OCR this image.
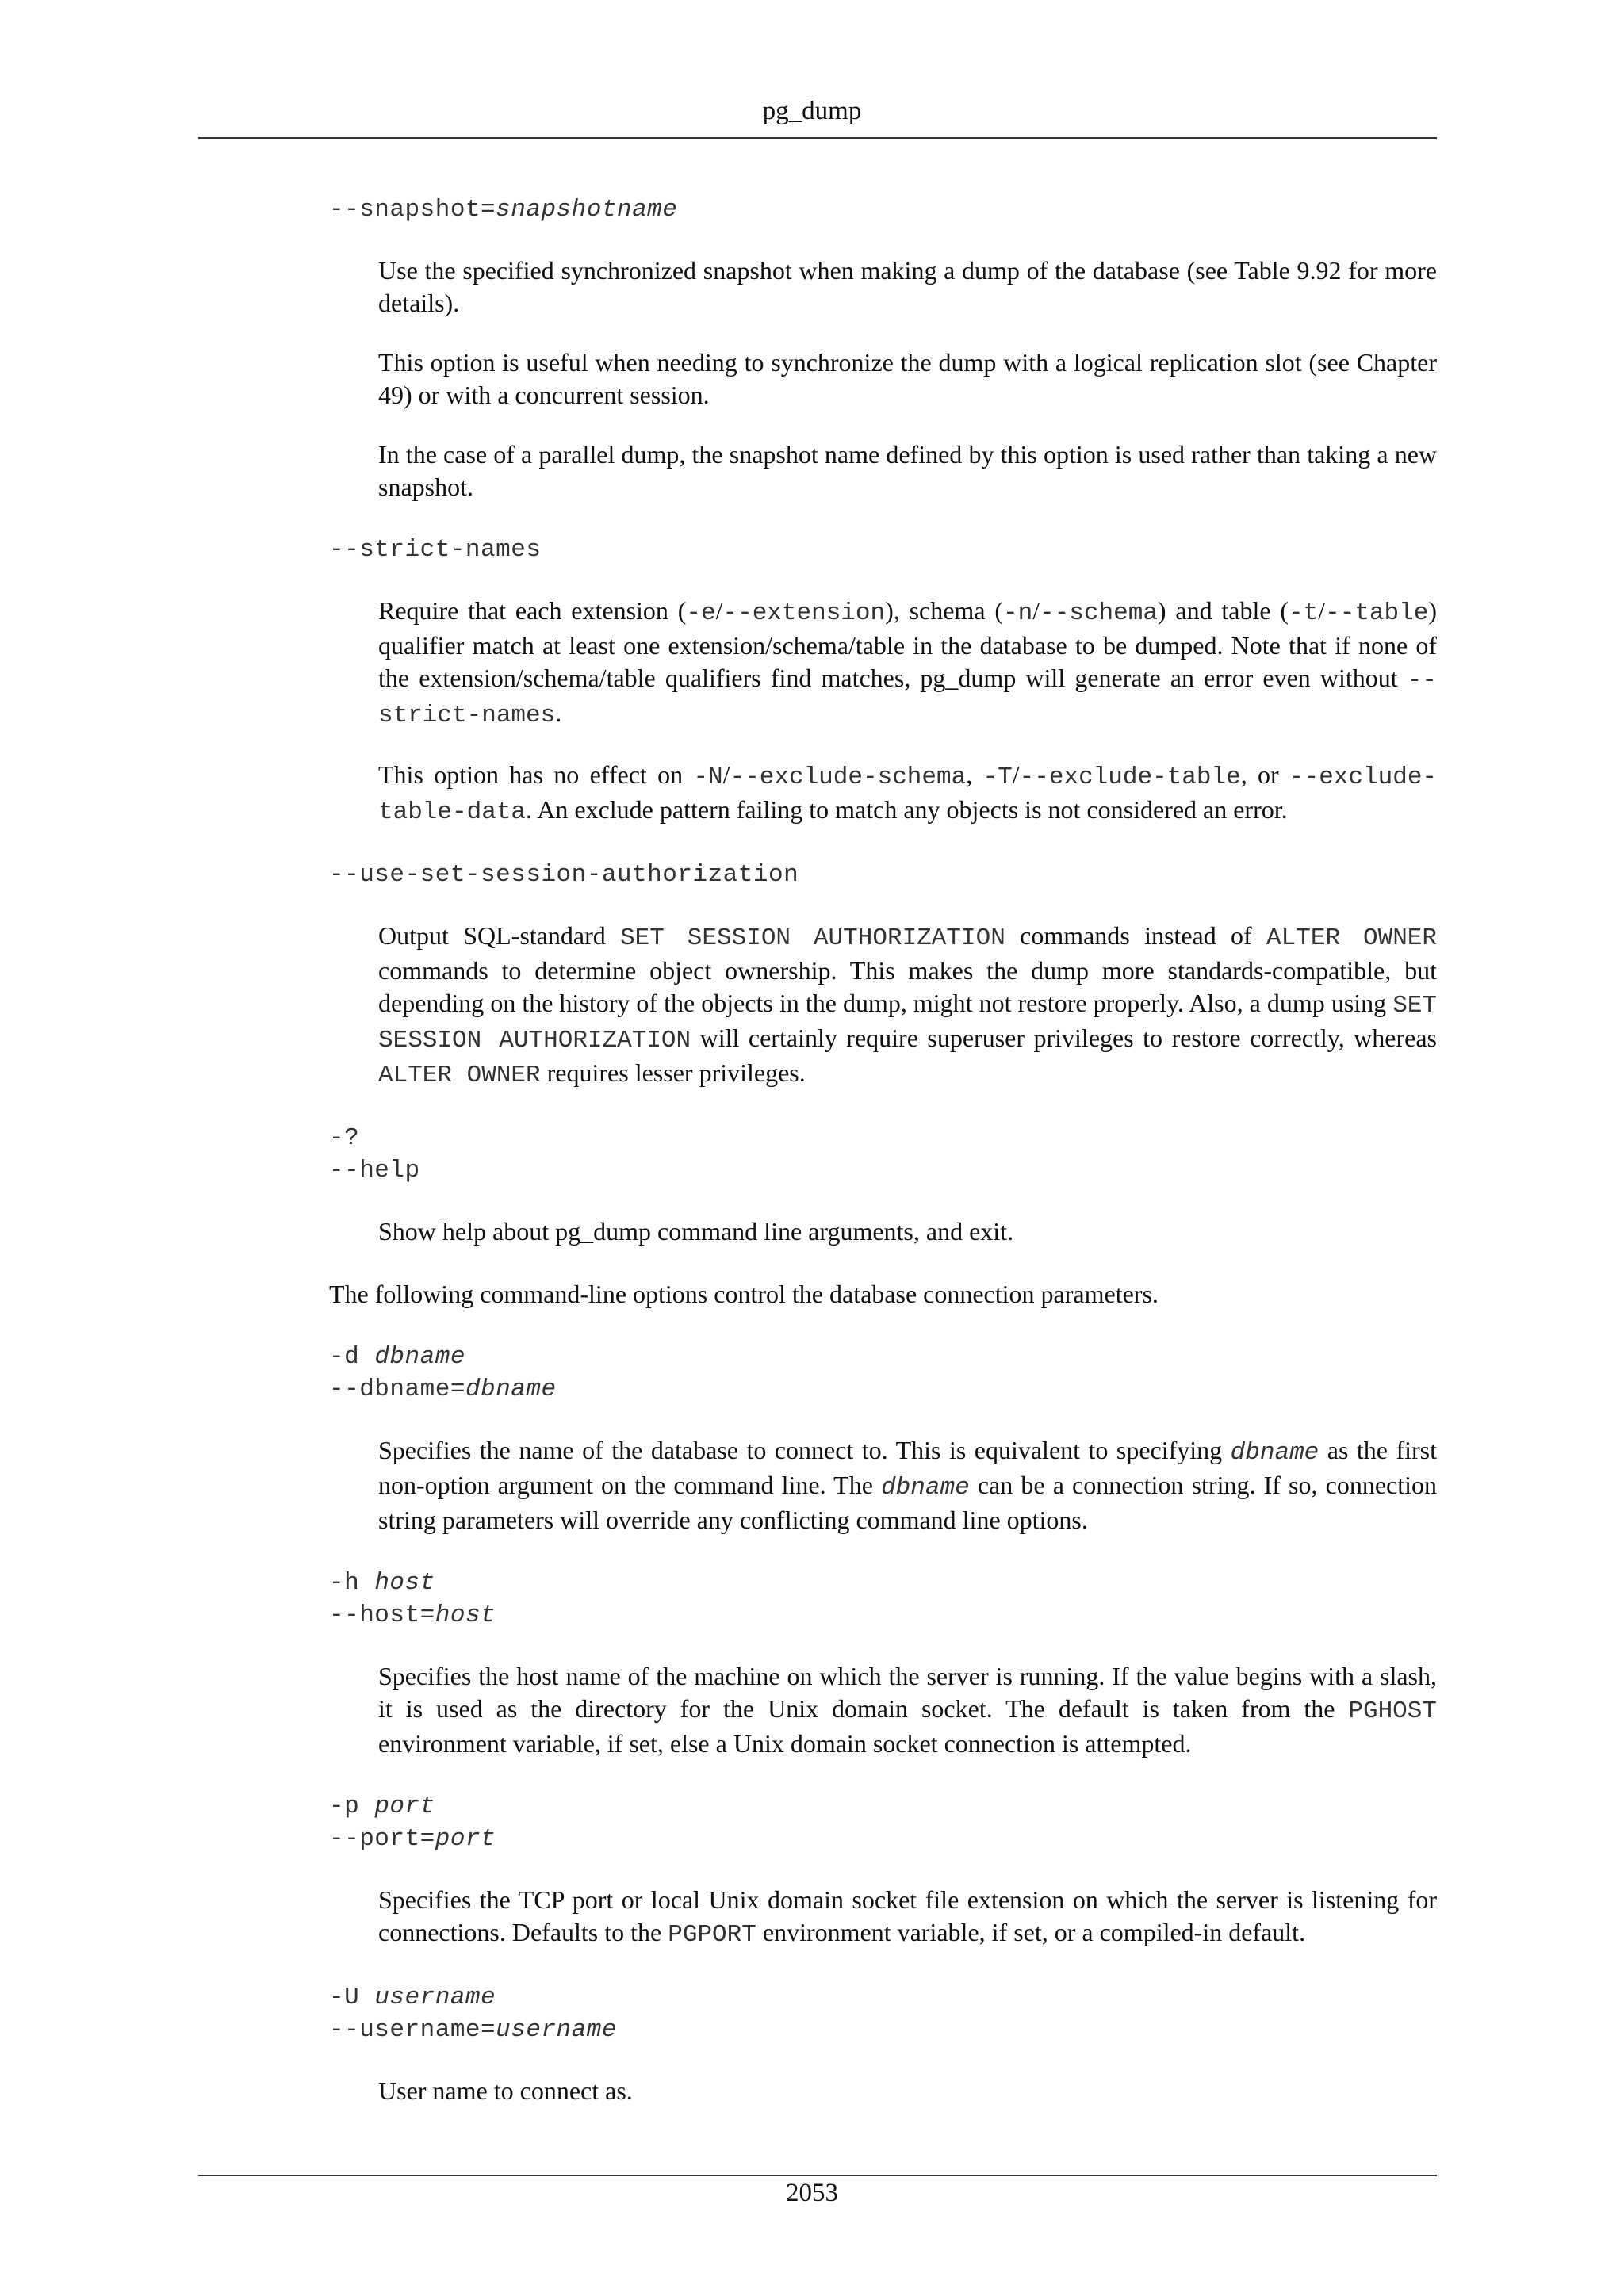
pg_dump

--snapshot=snapshotname

Use the specified synchronized snapshot when making a dump of the database (see Table 9.92 for more details).

This option is useful when needing to synchronize the dump with a logical replication slot (see Chapter 49) or with a concurrent session.

In the case of a parallel dump, the snapshot name defined by this option is used rather than taking a new snapshot.

--strict-names

Require that each extension (-e/--extension), schema (-n/--schema) and table (-t/--table) qualifier match at least one extension/schema/table in the database to be dumped. Note that if none of the extension/schema/table qualifiers find matches, pg_dump will generate an error even without --strict-names.

This option has no effect on -N/--exclude-schema, -T/--exclude-table, or --exclude-table-data. An exclude pattern failing to match any objects is not considered an error.

--use-set-session-authorization

Output SQL-standard SET SESSION AUTHORIZATION commands instead of ALTER OWNER commands to determine object ownership. This makes the dump more standards-compatible, but depending on the history of the objects in the dump, might not restore properly. Also, a dump using SET SESSION AUTHORIZATION will certainly require superuser privileges to restore correctly, whereas ALTER OWNER requires lesser privileges.

-?

--help

Show help about pg_dump command line arguments, and exit.

The following command-line options control the database connection parameters.

-d dbname

--dbname=dbname

Specifies the name of the database to connect to. This is equivalent to specifying dbname as the first non-option argument on the command line. The dbname can be a connection string. If so, connection string parameters will override any conflicting command line options.

-h host

--host=host

Specifies the host name of the machine on which the server is running. If the value begins with a slash, it is used as the directory for the Unix domain socket. The default is taken from the PGHOST environment variable, if set, else a Unix domain socket connection is attempted.

-p port

--port=port

Specifies the TCP port or local Unix domain socket file extension on which the server is listening for connections. Defaults to the PGPORT environment variable, if set, or a compiled-in default.

-U username

--username=username

User name to connect as.

2053
